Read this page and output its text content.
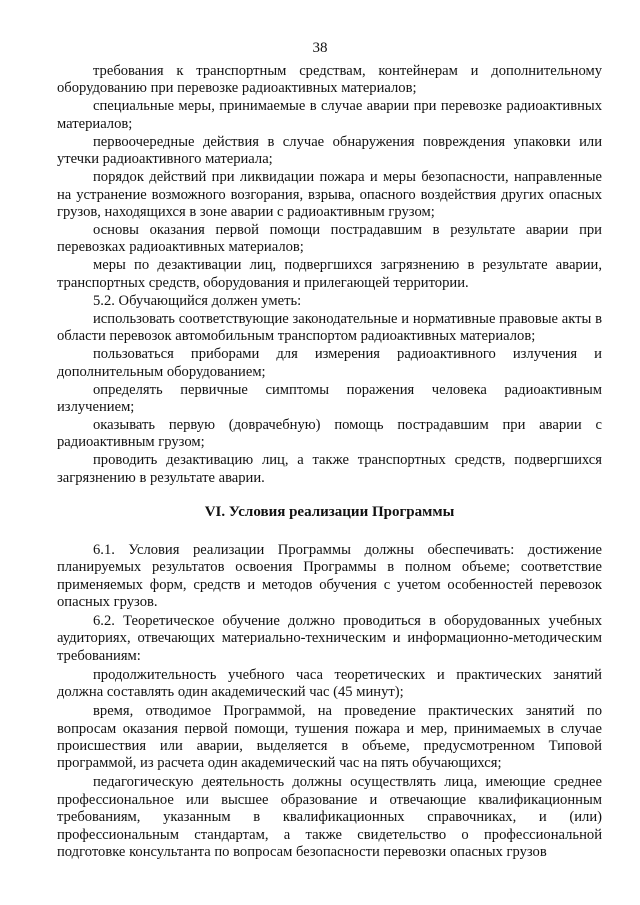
38

требования к транспортным средствам, контейнерам и дополнительному оборудованию при перевозке радиоактивных материалов;

специальные меры, принимаемые в случае аварии при перевозке радиоактивных материалов;

первоочередные действия в случае обнаружения повреждения упаковки или утечки радиоактивного материала;

порядок действий при ликвидации пожара и меры безопасности, направленные на устранение возможного возгорания, взрыва, опасного воздействия других опасных грузов, находящихся в зоне аварии с радиоактивным грузом;

основы оказания первой помощи пострадавшим в результате аварии при перевозках радиоактивных материалов;

меры по дезактивации лиц, подвергшихся загрязнению в результате аварии, транспортных средств, оборудования и прилегающей территории.

5.2. Обучающийся должен уметь:

использовать соответствующие законодательные и нормативные правовые акты в области перевозок автомобильным транспортом радиоактивных материалов;

пользоваться приборами для измерения радиоактивного излучения и дополнительным оборудованием;

определять первичные симптомы поражения человека радиоактивным излучением;

оказывать первую (доврачебную) помощь пострадавшим при аварии с радиоактивным грузом;

проводить дезактивацию лиц, а также транспортных средств, подвергшихся загрязнению в результате аварии.

VI. Условия реализации Программы

6.1. Условия реализации Программы должны обеспечивать: достижение планируемых результатов освоения Программы в полном объеме; соответствие применяемых форм, средств и методов обучения с учетом особенностей перевозок опасных грузов.

6.2. Теоретическое обучение должно проводиться в оборудованных учебных аудиториях, отвечающих материально-техническим и информационно-методическим требованиям:

продолжительность учебного часа теоретических и практических занятий должна составлять один академический час (45 минут);

время, отводимое Программой, на проведение практических занятий по вопросам оказания первой помощи, тушения пожара и мер, принимаемых в случае происшествия или аварии, выделяется в объеме, предусмотренном Типовой программой, из расчета один академический час на пять обучающихся;

педагогическую деятельность должны осуществлять лица, имеющие среднее профессиональное или высшее образование и отвечающие квалификационным требованиям, указанным в квалификационных справочниках, и (или) профессиональным стандартам, а также свидетельство о профессиональной подготовке консультанта по вопросам безопасности перевозки опасных грузов
